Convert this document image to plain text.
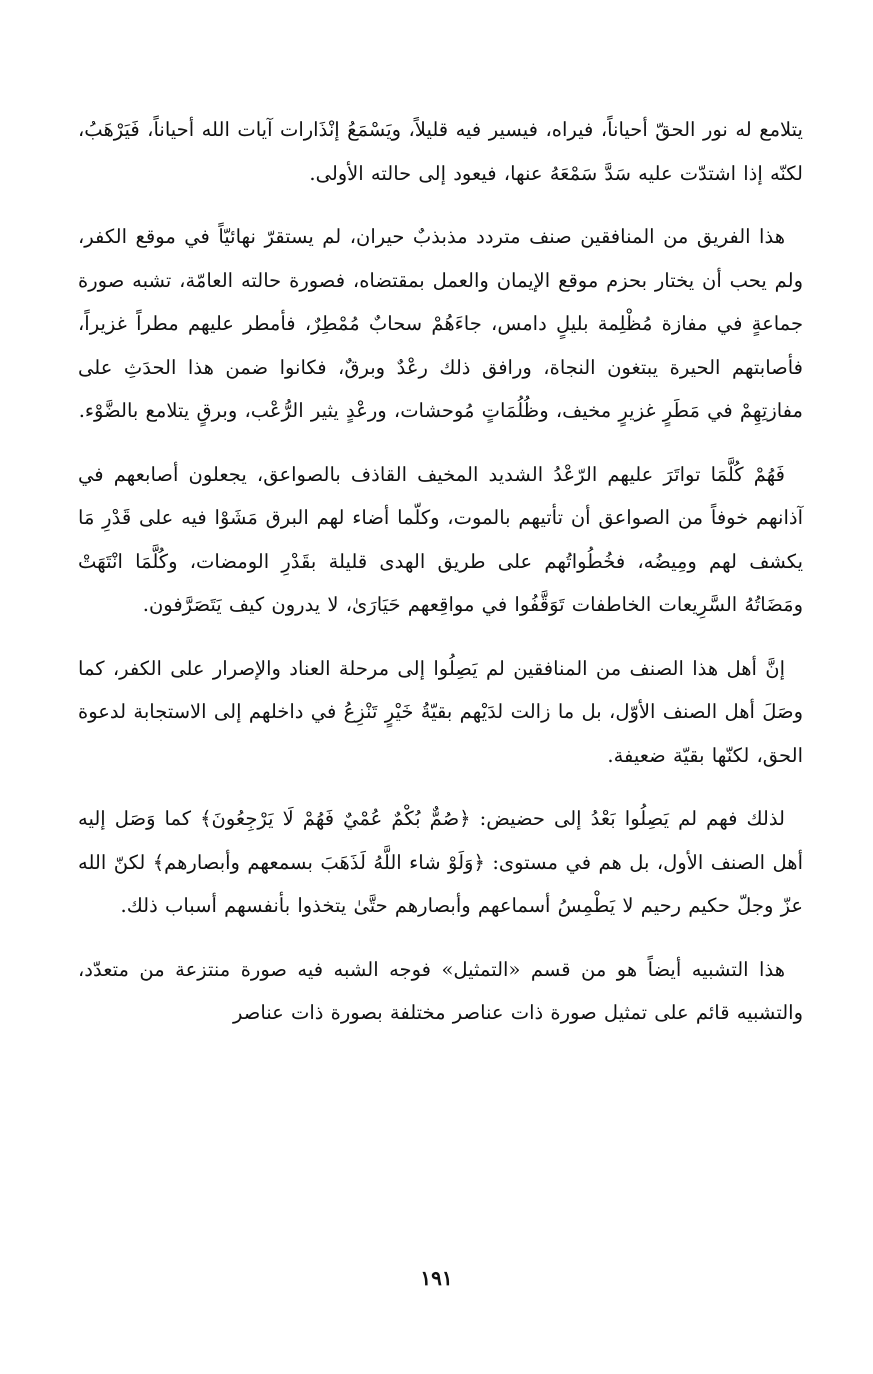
يتلامع له نور الحقّ أحياناً، فيراه، فيسير فيه قليلاً، ويَسْمَعُ إنْذَارات آيات الله أحياناً، فَيَرْهَبُ، لكنّه إذا اشتدّت عليه سَدَّ سَمْعَهُ عنها، فيعود إلى حالته الأولى.

هذا الفريق من المنافقين صنف متردد مذبذبٌ حيران، لم يستقرّ نهائيّاً في موقع الكفر، ولم يحب أن يختار بحزم موقع الإيمان والعمل بمقتضاه، فصورة حالته العامّة، تشبه صورة جماعةٍ في مفازة مُظْلِمة بليلٍ دامس، جاءَهُمْ سحابٌ مُمْطِرٌ، فأمطر عليهم مطراً غزيراً، فأصابتهم الحيرة يبتغون النجاة، ورافق ذلك رعْدٌ وبرقٌ، فكانوا ضمن هذا الحدَثِ على مفازتِهِمْ في مَطَرٍ غزيرٍ مخيف، وظُلُمَاتٍ مُوحشات، ورعْدٍ يثير الرُّعْب، وبرقٍ يتلامع بالضَّوْء.

فَهُمْ كُلَّمَا تواتَرَ عليهم الرّعْدُ الشديد المخيف القاذف بالصواعق، يجعلون أصابعهم في آذانهم خوفاً من الصواعق أن تأتيهم بالموت، وكلّما أضاء لهم البرق مَشَوْا فيه على قَدْرِ مَا يكشف لهم ومِيضُه، فخُطُواتُهم على طريق الهدى قليلة بقَدْرِ الومضات، وكُلَّمَا انْتَهَتْ ومَضَاتُهُ السَّرِيعات الخاطفات تَوَقَّفُوا في مواقِعهم حَيَارَىٰ، لا يدرون كيف يَتَصَرَّفون.

إنَّ أهل هذا الصنف من المنافقين لم يَصِلُوا إلى مرحلة العناد والإصرار على الكفر، كما وصَلَ أهل الصنف الأوّل، بل ما زالت لدَيْهم بقيّةُ خَيْرٍ تَنْزِعُ في داخلهم إلى الاستجابة لدعوة الحق، لكنّها بقيّة ضعيفة.

لذلك فهم لم يَصِلُوا بَعْدُ إلى حضيض: ﴿صُمٌّ بُكْمٌ عُمْيٌ فَهُمْ لَا يَرْجِعُونَ﴾ كما وَصَل إليه أهل الصنف الأول، بل هم في مستوى: ﴿وَلَوْ شاء اللَّهُ لَذَهَبَ بسمعهم وأبصارهم﴾ لكنّ الله عزّ وجلّ حكيم رحيم لا يَطْمِسُ أسماعهم وأبصارهم حتَّىٰ يتخذوا بأنفسهم أسباب ذلك.

هذا التشبيه أيضاً هو من قسم «التمثيل» فوجه الشبه فيه صورة منتزعة من متعدّد، والتشبيه قائم على تمثيل صورة ذات عناصر مختلفة بصورة ذات عناصر

١٩١
